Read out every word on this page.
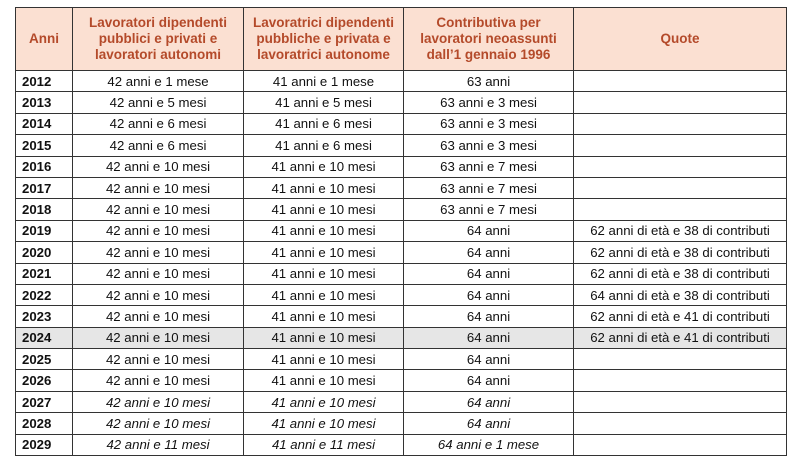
Anni	Lavoratori dipendenti pubblici e privati e lavoratori autonomi	Lavoratrici dipendenti pubbliche e privata e lavoratrici autonome	Contributiva per lavoratori neoassunti dall’1 gennaio 1996	Quote
2012	42 anni e 1 mese	41 anni e 1 mese	63 anni	
2013	42 anni e 5 mesi	41 anni e 5 mesi	63 anni e 3 mesi	
2014	42 anni e 6 mesi	41 anni e 6 mesi	63 anni e 3 mesi	
2015	42 anni e 6 mesi	41 anni e 6 mesi	63 anni e 3 mesi	
2016	42 anni e 10 mesi	41 anni e 10 mesi	63 anni e 7 mesi	
2017	42 anni e 10 mesi	41 anni e 10 mesi	63 anni e 7 mesi	
2018	42 anni e 10 mesi	41 anni e 10 mesi	63 anni e 7 mesi	
2019	42 anni e 10 mesi	41 anni e 10 mesi	64 anni	62 anni di età e 38 di contributi
2020	42 anni e 10 mesi	41 anni e 10 mesi	64 anni	62 anni di età e 38 di contributi
2021	42 anni e 10 mesi	41 anni e 10 mesi	64 anni	62 anni di età e 38 di contributi
2022	42 anni e 10 mesi	41 anni e 10 mesi	64 anni	64 anni di età e 38 di contributi
2023	42 anni e 10 mesi	41 anni e 10 mesi	64 anni	62 anni di età e 41 di contributi
2024	42 anni e 10 mesi	41 anni e 10 mesi	64 anni	62 anni di età e 41 di contributi
2025	42 anni e 10 mesi	41 anni e 10 mesi	64 anni	
2026	42 anni e 10 mesi	41 anni e 10 mesi	64 anni	
2027	42 anni e 10 mesi	41 anni e 10 mesi	64 anni	
2028	42 anni e 10 mesi	41 anni e 10 mesi	64 anni	
2029	42 anni e 11 mesi	41 anni e 11 mesi	64 anni e 1 mese	
